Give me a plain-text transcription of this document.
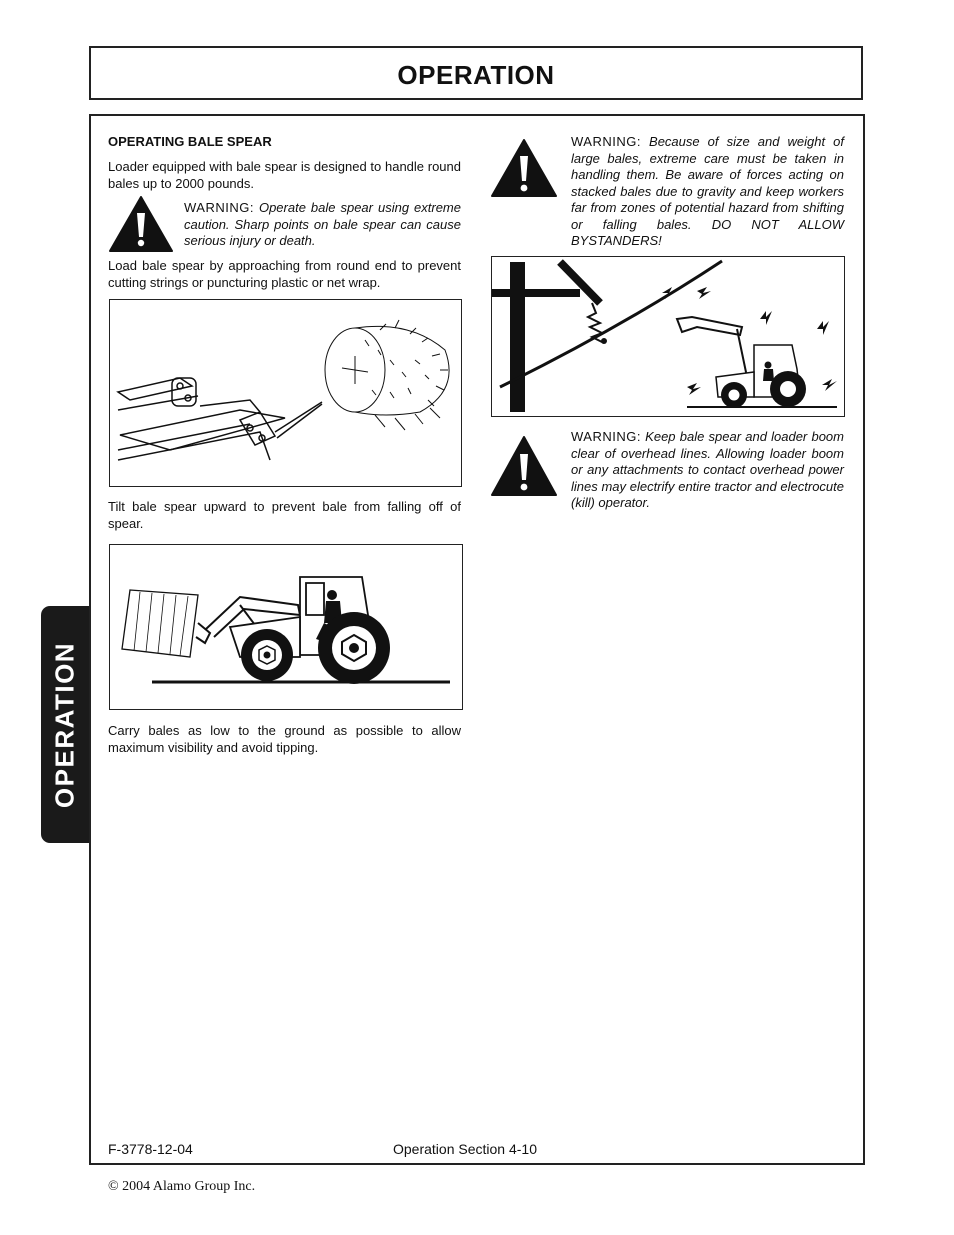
OPERATION
OPERATION
OPERATING BALE SPEAR
Loader equipped with bale spear is designed to handle round bales up to 2000 pounds.
WARNING: Operate bale spear using extreme caution. Sharp points on bale spear can cause serious injury or death.
Load bale spear by approaching from round end to prevent cutting strings or puncturing plastic or net wrap.
Tilt bale spear upward to prevent bale from falling off of spear.
Carry bales as low to the ground as possible to allow maximum visibility and avoid tipping.
WARNING: Because of size and weight of large bales, extreme care must be taken in handling them. Be aware of forces acting on stacked bales due to gravity and keep workers far from zones of potential hazard from shifting or falling bales. DO NOT ALLOW BYSTANDERS!
WARNING: Keep bale spear and loader boom clear of overhead lines. Allowing loader boom or any attachments to contact overhead power lines may electrify entire tractor and electrocute (kill) operator.
F-3778-12-04	Operation Section 4-10
© 2004 Alamo Group Inc.
